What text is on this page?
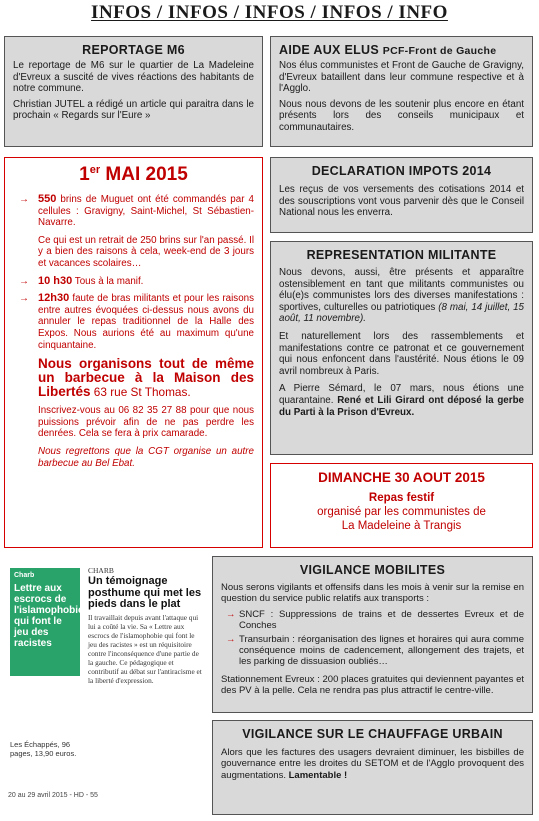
INFOS / INFOS / INFOS / INFOS / INFO
REPORTAGE M6

Le reportage de M6 sur le quartier de La Madeleine d'Evreux a suscité de vives réactions des habitants de notre commune.

Christian JUTEL a rédigé un article qui paraitra dans le prochain « Regards sur l'Eure »

AIDE AUX ELUS PCF-Front de Gauche

Nos élus communistes et Front de Gauche de Gravigny, d'Evreux bataillent dans leur commune respective et à l'Agglo.

Nous nous devons de les soutenir plus encore en étant présents lors des conseils municipaux et communautaires.

1er MAI 2015
→ 550 brins de Muguet ont été commandés par 4 cellules : Gravigny, Saint-Michel, St Sébastien-Navarre.
Ce qui est un retrait de 250 brins sur l'an passé. Il y a bien des raisons à cela, week-end de 3 jours et vacances scolaires…
→ 10 h30 Tous à la manif.
→ 12h30 faute de bras militants et pour les raisons entre autres évoquées ci-dessus nous avons du annuler le repas traditionnel de la Halle des Expos. Nous aurions été au maximum qu'une cinquantaine.
Nous organisons tout de même un barbecue à la Maison des Libertés 63 rue St Thomas.
Inscrivez-vous au 06 82 35 27 88 pour que nous puissions prévoir afin de ne pas perdre les denrées. Cela se fera à prix camarade.
Nous regrettons que la CGT organise un autre barbecue au Bel Ebat.
DECLARATION IMPOTS 2014

Les reçus de vos versements des cotisations 2014 et des souscriptions vont vous parvenir dès que le Conseil National nous les enverra.

REPRESENTATION MILITANTE

Nous devons, aussi, être présents et apparaître ostensiblement en tant que militants communistes ou élu(e)s communistes lors des diverses manifestations : sportives, culturelles ou patriotiques (8 mai, 14 juillet, 15 août, 11 novembre).

Et naturellement lors des rassemblements et manifestations contre ce patronat et ce gouvernement qui nous enfoncent dans l'austérité. Nous étions le 09 avril nombreux à Paris.

A Pierre Sémard, le 07 mars, nous étions une quarantaine. René et Lili Girard ont déposé la gerbe du Parti à la Prison d'Evreux.

DIMANCHE 30 AOUT 2015
Repas festif
organisé par les communistes de
La Madeleine à Trangis
Charb
Lettre aux escrocs de l'islamophobie qui font le jeu des racistes
Les Échappés, 96 pages, 13,90 euros.
CHARB
Un témoignage posthume qui met les pieds dans le plat
Il travaillait depuis avant l'attaque qui lui a coûté la vie. Sa « Lettre aux escrocs de l'islamophobie qui font le jeu des racistes » est un réquisitoire contre l'inconséquence d'une partie de la gauche. Ce pédagogique et contributif au débat sur l'antiracisme et la liberté d'expression.
20 au 29 avril 2015 - HD - 55
VIGILANCE MOBILITES

Nous serons vigilants et offensifs dans les mois à venir sur la remise en question du service public relatifs aux transports :

→ SNCF : Suppressions de trains et de dessertes Evreux et de Conches
→ Transurbain : réorganisation des lignes et horaires qui aura comme conséquence moins de cadencement, allongement des trajets, et les parking de dissuasion oubliés…

Stationnement Evreux : 200 places gratuites qui deviennent payantes et des PV à la pelle. Cela ne rendra pas plus attractif le centre-ville.

VIGILANCE SUR LE CHAUFFAGE URBAIN

Alors que les factures des usagers devraient diminuer, les bisbilles de gouvernance entre les droites du SETOM et de l'Agglo provoquent des augmentations. Lamentable !
